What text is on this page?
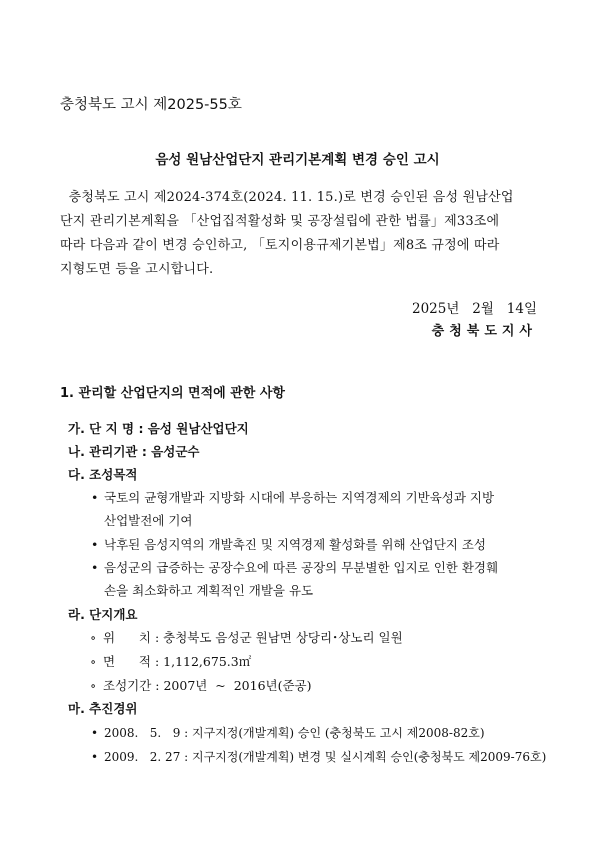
충청북도 고시 제2025-55호
음성 원남산업단지 관리기본계획 변경 승인 고시
충청북도 고시 제2024-374호(2024. 11. 15.)로 변경 승인된 음성 원남산업
단지 관리기본계획을 「산업집적활성화 및 공장설립에 관한 법률」제33조에
따라 다음과 같이 변경 승인하고, 「토지이용규제기본법」제8조 규정에 따라
지형도면 등을 고시합니다.
2025년   2월   14일
충청북도지사
1. 관리할 산업단지의 면적에 관한 사항
가. 단 지 명 : 음성 원남산업단지
나. 관리기관 : 음성군수
다. 조성목적
• 국토의 균형개발과 지방화 시대에 부응하는 지역경제의 기반육성과 지방
산업발전에 기여
• 낙후된 음성지역의 개발촉진 및 지역경제 활성화를 위해 산업단지 조성
• 음성군의 급증하는 공장수요에 따른 공장의 무분별한 입지로 인한 환경훼
손을 최소화하고 계획적인 개발을 유도
라. 단지개요
∘ 위      치 : 충청북도 음성군 원남면 상당리･상노리 일원
∘ 면      적 : 1,112,675.3㎡
∘ 조성기간 : 2007년  ~  2016년(준공)
마. 추진경위
• 2008.   5.   9 : 지구지정(개발계획) 승인 (충청북도 고시 제2008-82호)
• 2009.   2. 27 : 지구지정(개발계획) 변경 및 실시계획 승인(충청북도 제2009-76호)
